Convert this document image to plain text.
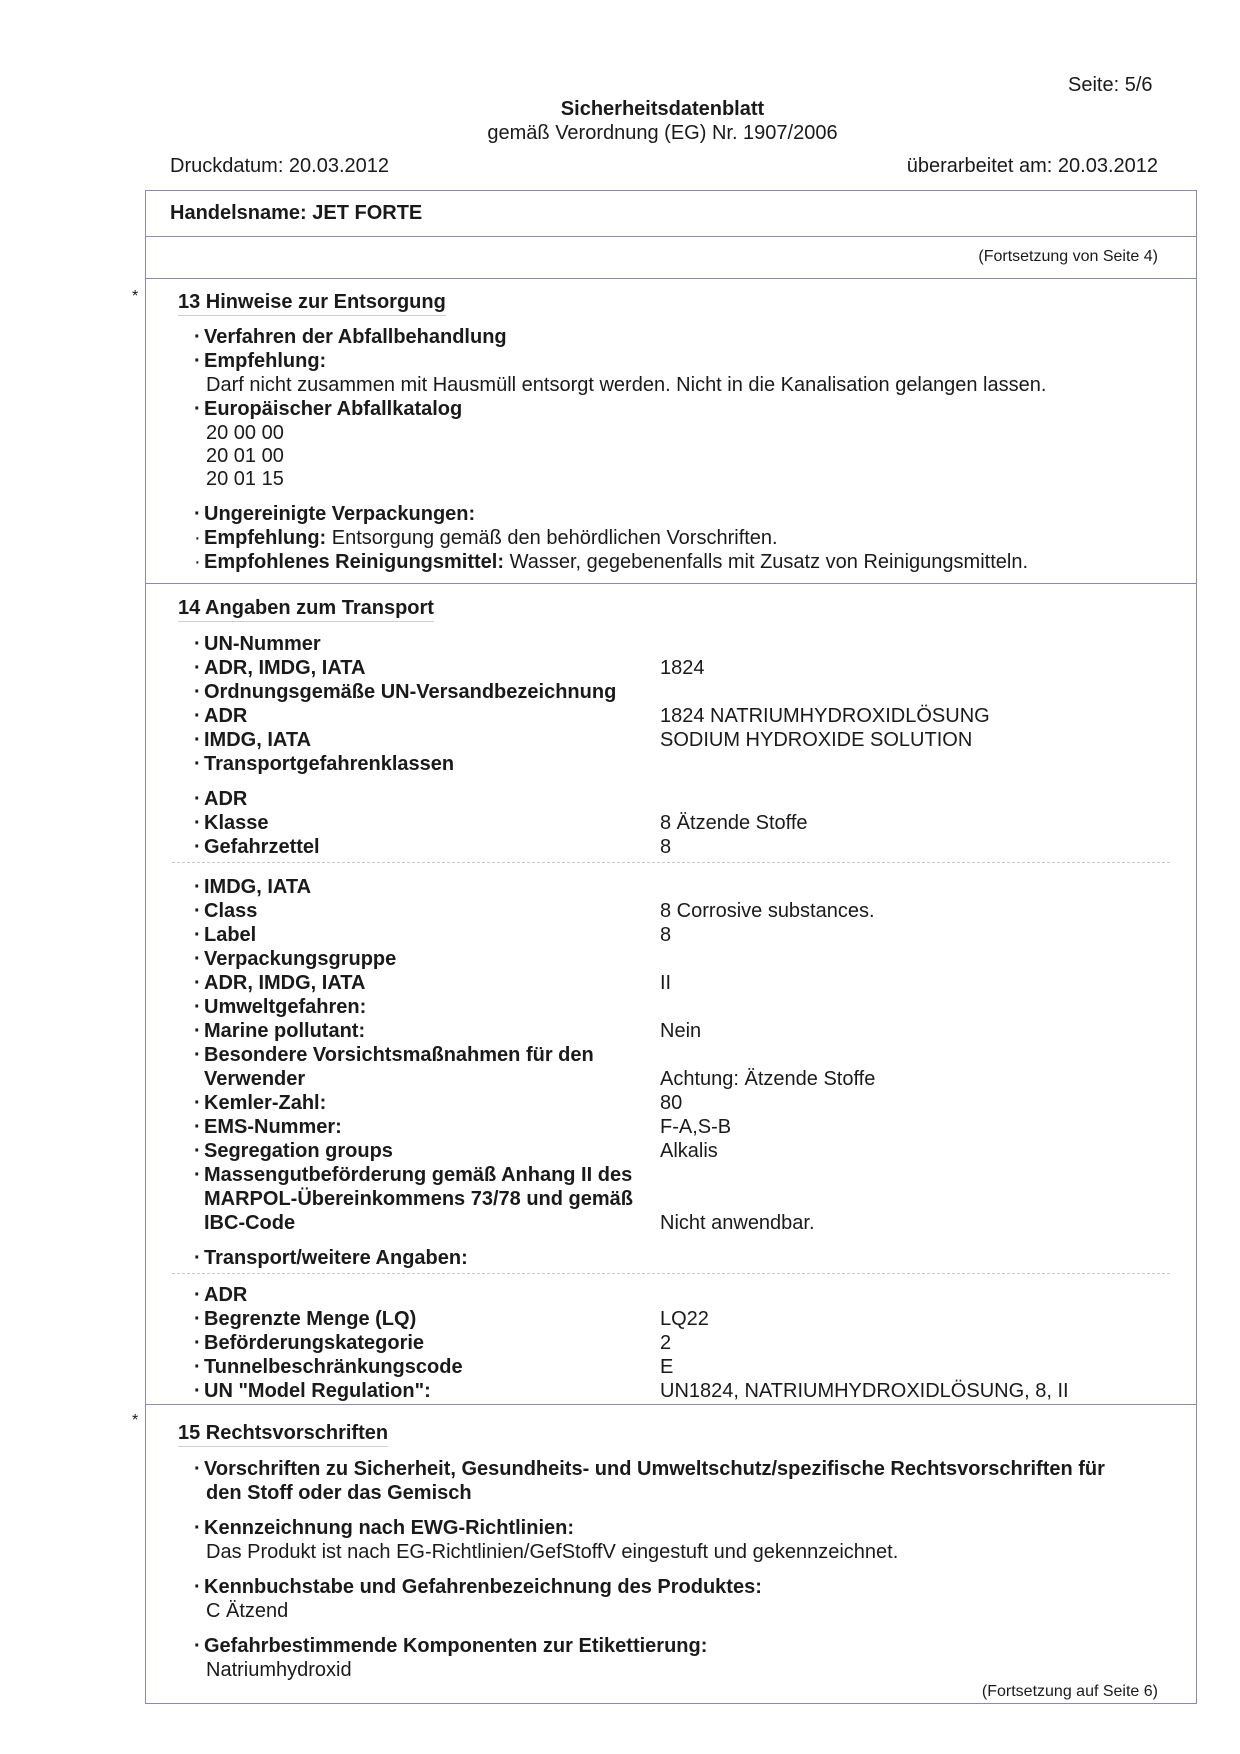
Seite: 5/6
Sicherheitsdatenblatt
gemäß Verordnung (EG) Nr. 1907/2006
Druckdatum: 20.03.2012	überarbeitet am: 20.03.2012
Handelsname: JET FORTE
(Fortsetzung von Seite 4)
* 13 Hinweise zur Entsorgung
· Verfahren der Abfallbehandlung
· Empfehlung:
Darf nicht zusammen mit Hausmüll entsorgt werden. Nicht in die Kanalisation gelangen lassen.
· Europäischer Abfallkatalog
20 00 00
20 01 00
20 01 15
· Ungereinigte Verpackungen:
· Empfehlung: Entsorgung gemäß den behördlichen Vorschriften.
· Empfohlenes Reinigungsmittel: Wasser, gegebenenfalls mit Zusatz von Reinigungsmitteln.
14 Angaben zum Transport
· UN-Nummer
· ADR, IMDG, IATA	1824
· Ordnungsgemäße UN-Versandbezeichnung
· ADR	1824 NATRIUMHYDROXIDLÖSUNG
· IMDG, IATA	SODIUM HYDROXIDE SOLUTION
· Transportgefahrenklassen
· ADR
· Klasse	8 Ätzende Stoffe
· Gefahrzettel	8
· IMDG, IATA
· Class	8 Corrosive substances.
· Label	8
· Verpackungsgruppe
· ADR, IMDG, IATA	II
· Umweltgefahren:
· Marine pollutant:	Nein
· Besondere Vorsichtsmaßnahmen für den
Verwender	Achtung: Ätzende Stoffe
· Kemler-Zahl:	80
· EMS-Nummer:	F-A,S-B
· Segregation groups	Alkalis
· Massengutbeförderung gemäß Anhang II des
MARPOL-Übereinkommens 73/78 und gemäß
IBC-Code	Nicht anwendbar.
· Transport/weitere Angaben:
· ADR
· Begrenzte Menge (LQ)	LQ22
· Beförderungskategorie	2
· Tunnelbeschränkungscode	E
· UN "Model Regulation":	UN1824, NATRIUMHYDROXIDLÖSUNG, 8, II
*
15 Rechtsvorschriften
· Vorschriften zu Sicherheit, Gesundheits- und Umweltschutz/spezifische Rechtsvorschriften für
den Stoff oder das Gemisch
· Kennzeichnung nach EWG-Richtlinien:
Das Produkt ist nach EG-Richtlinien/GefStoffV eingestuft und gekennzeichnet.
· Kennbuchstabe und Gefahrenbezeichnung des Produktes:
C Ätzend
· Gefahrbestimmende Komponenten zur Etikettierung:
Natriumhydroxid
(Fortsetzung auf Seite 6)
